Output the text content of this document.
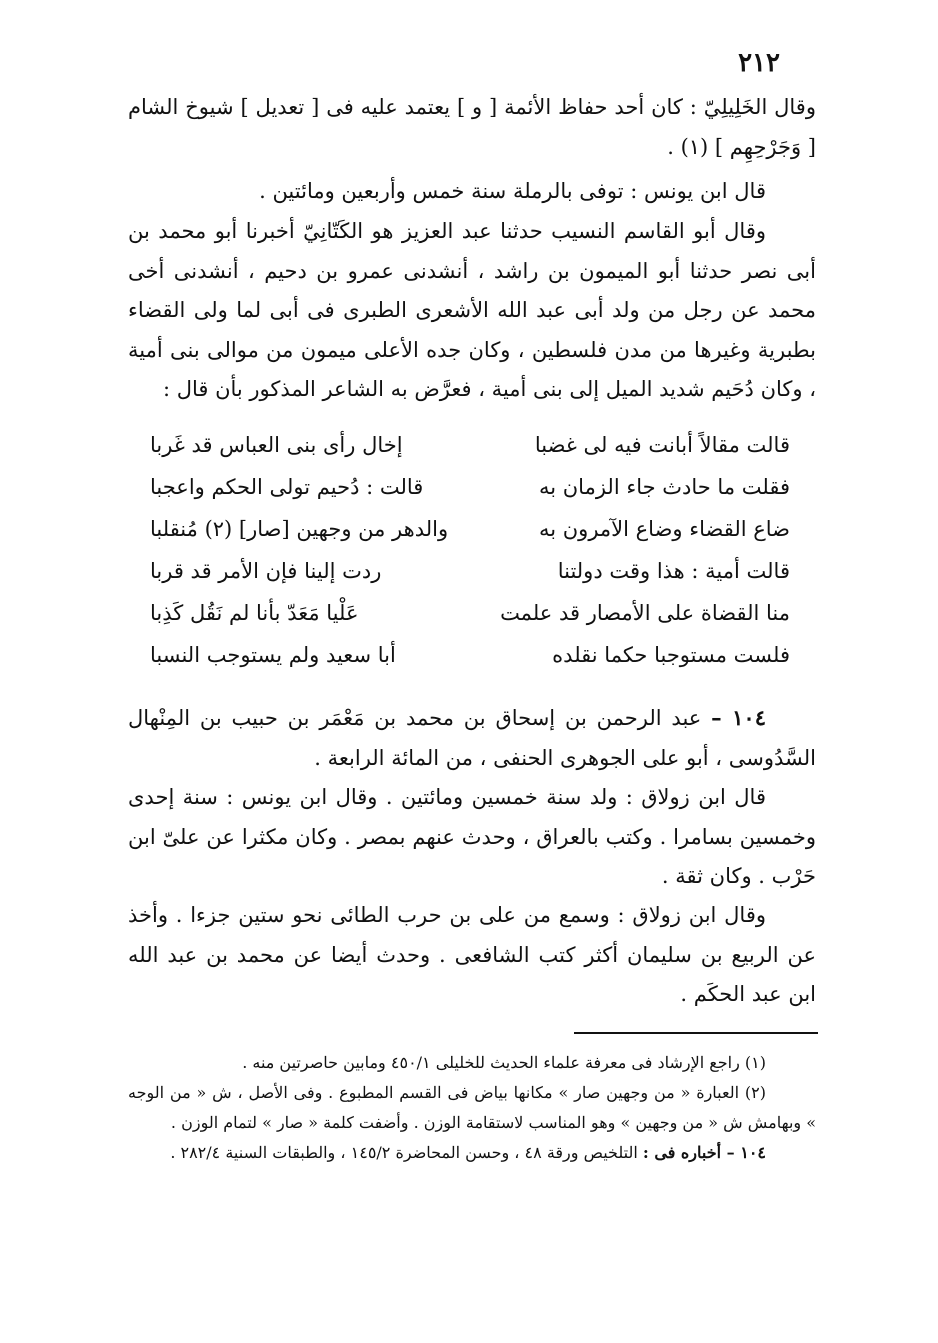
٢١٢

وقال الخَلِيلِيّ : كان أحد حفاظ الأئمة [ و ] يعتمد عليه فى [ تعديل ] شيوخ الشام [ وَجَرْحِهِم ] (١) .

قال ابن يونس : توفى بالرملة سنة خمس وأربعين ومائتين .

وقال أبو القاسم النسيب حدثنا عبد العزيز هو الكَتّانِيّ أخبرنا أبو محمد بن أبى نصر حدثنا أبو الميمون بن راشد ، أنشدنى عمرو بن دحيم ، أنشدنى أخى محمد عن رجل من ولد أبى عبد الله الأشعرى الطبرى فى أبى لما ولى القضاء بطبرية وغيرها من مدن فلسطين ، وكان جده الأعلى ميمون من موالى بنى أمية ، وكان دُحَيم شديد الميل إلى بنى أمية ، فعرَّض به الشاعر المذكور بأن قال :

قالت مقالاً أبانت فيه لى غضبا
إخال رأى بنى العباس قد غَربا
فقلت ما حادث جاء الزمان به
قالت : دُحيم تولى الحكم واعجبا
ضاع القضاء وضاع الآمرون به
والدهر من وجهين [صار] (٢) مُنقلبا
قالت أمية : هذا وقت دولتنا
ردت إلينا فإن الأمر قد قربا
منا القضاة على الأمصار قد علمت
عَلْيا مَعَدّ بأنا لم نَقُل كَذِبا
فلست مستوجبا حكما نقلده
أبا سعيد ولم يستوجب النسبا

١٠٤ – عبد الرحمن بن إسحاق بن محمد بن مَعْمَر بن حبيب بن المِنْهال السَّدُوسى ، أبو على الجوهرى الحنفى ، من المائة الرابعة .

قال ابن زولاق : ولد سنة خمسين ومائتين . وقال ابن يونس : سنة إحدى وخمسين بسامرا . وكتب بالعراق ، وحدث عنهم بمصر . وكان مكثرا عن علىّ ابن حَرْب . وكان ثقة .

وقال ابن زولاق : وسمع من على بن حرب الطائى نحو ستين جزءا . وأخذ عن الربيع بن سليمان أكثر كتب الشافعى . وحدث أيضا عن محمد بن عبد الله ابن عبد الحكَم .

(١) راجع الإرشاد فى معرفة علماء الحديث للخليلى ٤٥٠/١ ومابين حاصرتين منه .

(٢) العبارة « من وجهين صار » مكانها بياض فى القسم المطبوع . وفى الأصل ، ش « من الوجه » وبهامش ش « من وجهين » وهو المناسب لاستقامة الوزن . وأضفت كلمة « صار » لتمام الوزن .

١٠٤ – أخباره فى : التلخيص ورقة ٤٨ ، وحسن المحاضرة ١٤٥/٢ ، والطبقات السنية ٢٨٢/٤ .
